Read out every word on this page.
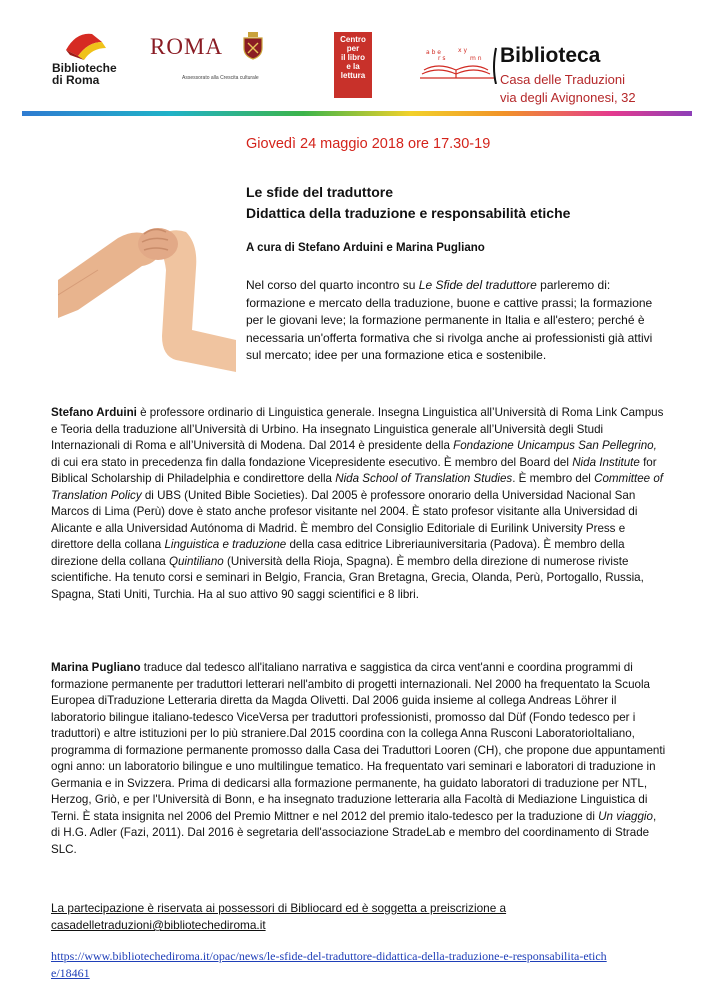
Biblioteche
di Roma
ROMA
Assessorato alla Crescita culturale
Centro
per
il libro
e la
lettura
a b e	x y
r s	m n Biblioteca
Casa delle Traduzioni
via degli Avignonesi, 32
Giovedì 24 maggio 2018 ore 17.30-19
Le sfide del traduttore
Didattica della traduzione e responsabilità etiche
A cura di Stefano Arduini e Marina Pugliano
Nel corso del quarto incontro su Le Sfide del traduttore parleremo di: formazione e mercato della traduzione, buone e cattive prassi; la formazione per le giovani leve; la formazione permanente in Italia e all'estero; perché è necessaria un'offerta formativa che si rivolga anche ai professionisti già attivi sul mercato; idee per una formazione etica e sostenibile.
Stefano Arduini è professore ordinario di Linguistica generale. Insegna Linguistica all’Università di Roma Link Campus e Teoria della traduzione all’Università di Urbino. Ha insegnato Linguistica generale all’Università degli Studi Internazionali di Roma e all’Università di Modena. Dal 2014 è presidente della Fondazione Unicampus San Pellegrino, di cui era stato in precedenza fin dalla fondazione Vicepresidente esecutivo. È membro del Board del Nida Institute for Biblical Scholarship di Philadelphia e condirettore della Nida School of Translation Studies. È membro del Committee of Translation Policy di UBS (United Bible Societies). Dal 2005 è professore onorario della Universidad Nacional San Marcos di Lima (Perù) dove è stato anche profesor visitante nel 2004. È stato profesor visitante alla Universidad di Alicante e alla Universidad Autónoma di Madrid. È membro del Consiglio Editoriale di Eurilink University Press e direttore della collana Linguistica e traduzione della casa editrice Libreriauniversitaria (Padova). È membro della direzione della collana Quintiliano (Università della Rioja, Spagna). È membro della direzione di numerose riviste scientifiche. Ha tenuto corsi e seminari in Belgio, Francia, Gran Bretagna, Grecia, Olanda, Perù, Portogallo, Russia, Spagna, Stati Uniti, Turchia. Ha al suo attivo 90 saggi scientifici e 8 libri.
Marina Pugliano traduce dal tedesco all'italiano narrativa e saggistica da circa vent'anni e coordina programmi di formazione permanente per traduttori letterari nell'ambito di progetti internazionali. Nel 2000 ha frequentato la Scuola Europea diTraduzione Letteraria diretta da Magda Olivetti. Dal 2006 guida insieme al collega Andreas Löhrer il laboratorio bilingue italiano-tedesco ViceVersa per traduttori professionisti, promosso dal Düf (Fondo tedesco per i traduttori) e altre istituzioni per lo più straniere.Dal 2015 coordina con la collega Anna Rusconi LaboratorioItaliano, programma di formazione permanente promosso dalla Casa dei Traduttori Looren (CH), che propone due appuntamenti ogni anno: un laboratorio bilingue e uno multilingue tematico. Ha frequentato vari seminari e laboratori di traduzione in Germania e in Svizzera. Prima di dedicarsi alla formazione permanente, ha guidato laboratori di traduzione per NTL, Herzog, Griò, e per l'Università di Bonn, e ha insegnato traduzione letteraria alla Facoltà di Mediazione Linguistica di Terni. È stata insignita nel 2006 del Premio Mittner e nel 2012 del premio italo-tedesco per la traduzione di Un viaggio, di H.G. Adler (Fazi, 2011). Dal 2016 è segretaria dell'associazione StradeLab e membro del coordinamento di Strade SLC.
La partecipazione è riservata ai possessori di Bibliocard ed è soggetta a preiscrizione a
casadelletraduzioni@bibliotechediroma.it
https://www.bibliotechediroma.it/opac/news/le-sfide-del-traduttore-didattica-della-traduzione-e-responsabilita-etiche/18461
